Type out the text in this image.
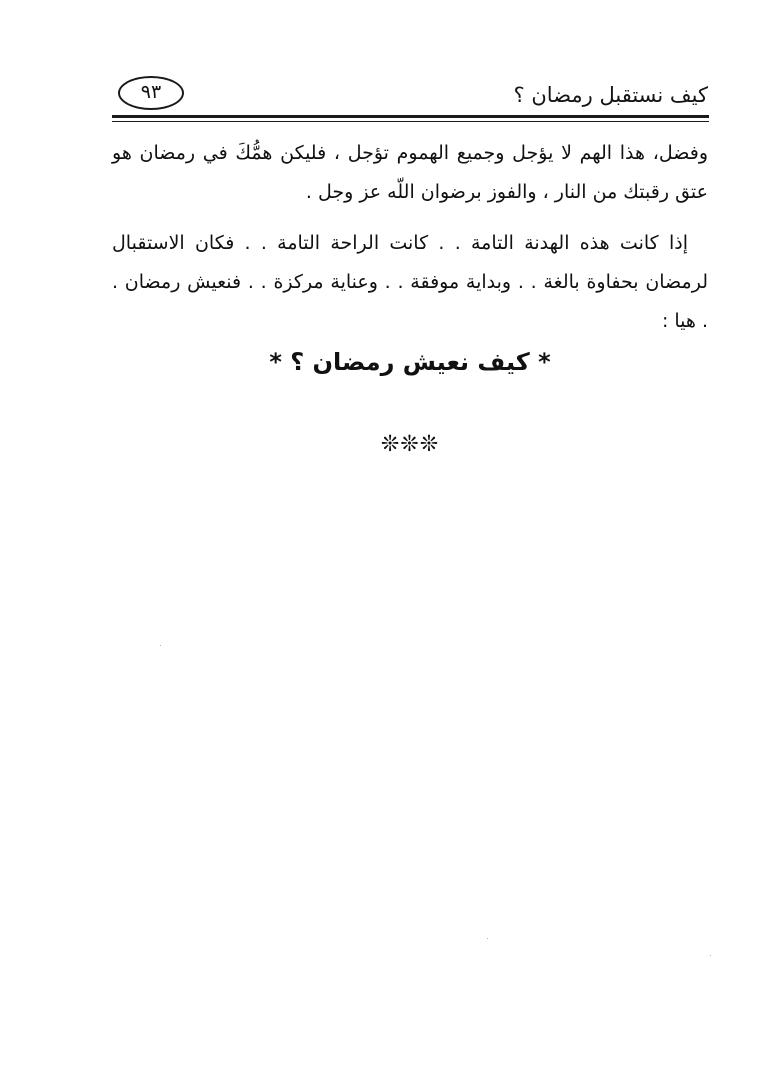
كيف نستقبل رمضان ؟
٩٣

وفضل، هذا الهم لا يؤجل وجميع الهموم تؤجل ، فليكن همُّكَ في رمضان هو عتق رقبتك من النار ، والفوز برضوان اللّه عز وجل .

إذا كانت هذه الهدنة التامة . . كانت الراحة التامة . . فكان الاستقبال لرمضان بحفاوة بالغة . . وبداية موفقة . . وعناية مركزة . . فنعيش رمضان . . هيا :

* كيف نعيش رمضان ؟ *
❊❊❊
